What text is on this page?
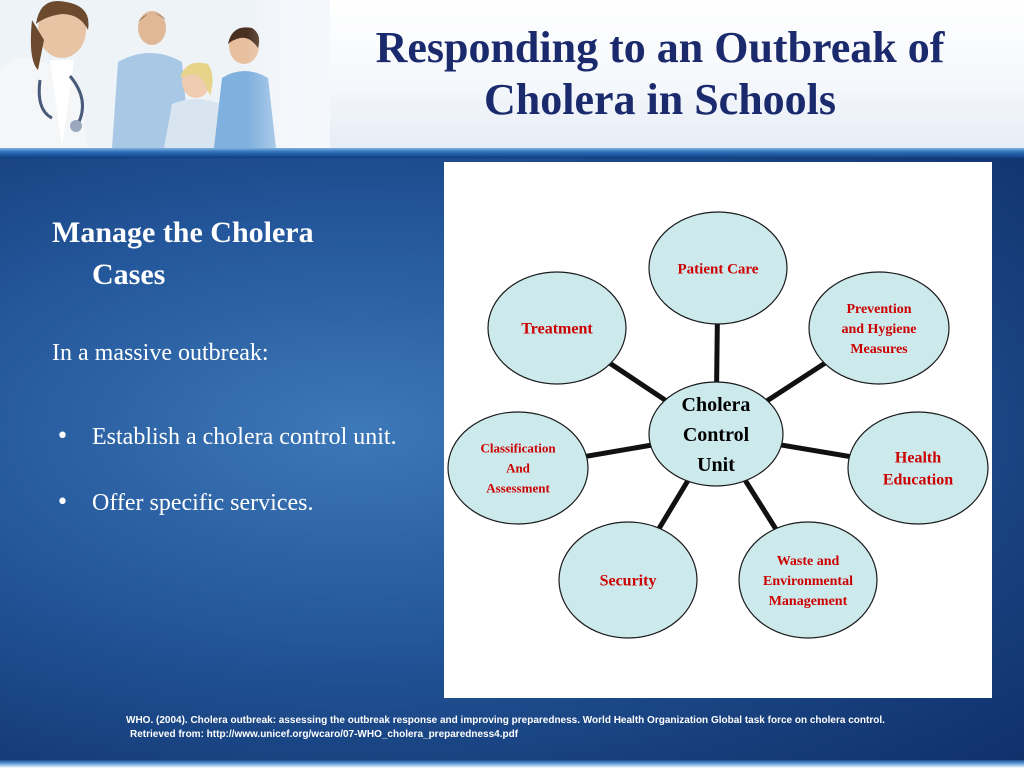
Responding to an Outbreak of
Cholera in Schools
Manage the Cholera
Cases

In a massive outbreak:

• Establish a cholera control unit.
• Offer specific services.
Patient Care
Prevention
and Hygiene
Measures
Health
Education
Waste and
Environmental
Management
Security
Classification
And
Assessment
Treatment
Cholera
Control
Unit

WHO. (2004). Cholera outbreak: assessing the outbreak response and improving preparedness. World Health Organization Global task force on cholera control.
Retrieved from: http://www.unicef.org/wcaro/07-WHO_cholera_preparedness4.pdf
